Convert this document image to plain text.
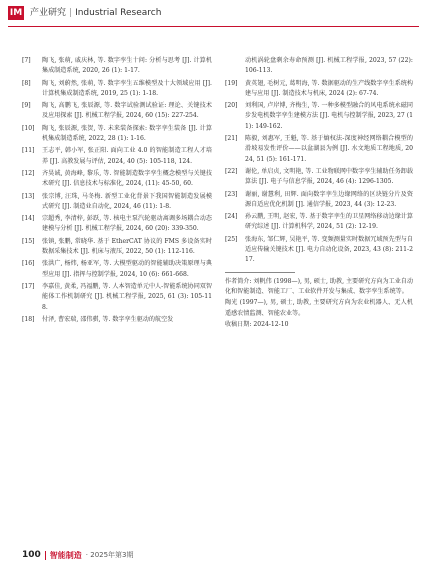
IM 产业研究 | Industrial Research
[7]	陶飞, 张萌, 戚庆林, 等. 数字孪生十问: 分析与思考 [J]. 计算机集成制造系统, 2020, 26 (1): 1-17.
[8]	陶飞, 刘蔚然, 张萌, 等. 数字孪生五维模型及十大领域应用 [J]. 计算机集成制造系统, 2019, 25 (1): 1-18.
[9]	陶飞, 高鹏飞, 张辰源, 等. 数字试验测试验证: 理论、关键技术及应用探索 [J]. 机械工程学报, 2024, 60 (15): 227-254.
[10]	陶飞, 张辰源, 张贺, 等. 未来装备探索: 数字孪生装备 [J]. 计算机集成制造系统, 2022, 28 (1): 1-16.
[11]	王志平, 韩小军, 张正阳. 面向工业 4.0 的智能制造工程人才培养 [J]. 高教发展与评估, 2024, 40 (5): 105-118, 124.
[12]	齐昊诚, 黄海峰, 黎乐, 等. 智能制造数字孪生概念模型与关键技术研究 [J]. 信息技术与标准化, 2024, (11): 45-50, 60.
[13]	张宗博, 汪珠, 马冬梅. 新型工业化背景下我国智能制造发展模式研究 [J]. 制造业自动化, 2024, 46 (11): 1-8.
[14]	宗超秀, 李清梓, 彭跃, 等. 核电主泵汽轮驱动离调多场耦合动态建模与分析 [J]. 机械工程学报, 2024, 60 (20): 339-350.
[15]	张镇, 张鹏, 常晓华. 基于 EtherCAT 协议的 FMS 多设备实时数据采集技术 [J]. 机床与液压, 2022, 50 (1): 112-116.
[16]	张洪广, 杨炜, 杨亚军, 等. 大模型驱动的智能辅助决策原理与典型应用 [J]. 指挥与控制学报, 2024, 10 (6): 661-668.
[17]	李嘉佳, 黄柔, 冯福鹏, 等. 人本智造单元中人-智能系统协同双智能体工作机制研究 [J]. 机械工程学报, 2025, 61 (3): 105-118.
[18]	付泽, 曹宏瑞, 邵伟骐, 等. 数字孪生驱动的航空发
动机涡轮盘剩余寿命预测 [J]. 机械工程学报, 2023, 57 (22): 106-113.
[19]	黄英翅, 毛树元, 葛明海, 等. 数据驱动的生产线数字孪生系统构建与应用 [J]. 制造技术与机床, 2024 (2): 67-74.
[20]	刘利国, 卢岸博, 齐梅生, 等. 一种多模型融合的风电系统永磁同步发电机数字孪生建模方法 [J]. 电机与控制学报, 2023, 27 (11): 149-162.
[21]	陈毅, 刘惠军, 王魁, 等. 基于熵权法-深度神经网络耦合模型的滑坡易发性评价——以盆湖县为例 [J]. 水文地质工程地质, 2024, 51 (5): 161-171.
[22]	谢伦, 单启贞, 文明艳, 等. 工业物联网中数字孪生辅助任务卸载算法 [J]. 电子与信息学报, 2024, 46 (4): 1296-1305.
[23]	谢丽, 谢慧利, 田辉. 面向数字孪生边缘网络的区块链分片及资源自适应优化机制 [J]. 通信学报, 2023, 44 (3): 12-23.
[24]	孙云鹏, 王明, 赵宏, 等. 基于数字孪生的卫星网络移动边缘计算研究综述 [J]. 计算机科学, 2024, 51 (2): 12-19.
[25]	张海东, 邹仁辉, 吴艳平, 等. 变频测量实时数据冗域预先型与自适应传输关键技术 [J]. 电力自动化设备, 2023, 43 (8): 211-217.
作者简介: 刘帆伟 (1998—), 男, 硕士, 助教, 主要研究方向为工业自动化和智能制造、智能工厂、工业软件开发与集成、数字孪生系统等。
陶光 (1997—), 男, 硕士, 助教, 主要研究方向为农业机器人、无人机遥感农情监测、智能农业等。
收稿日期: 2024-12-10
100 智能制造 · 2025年第3期
